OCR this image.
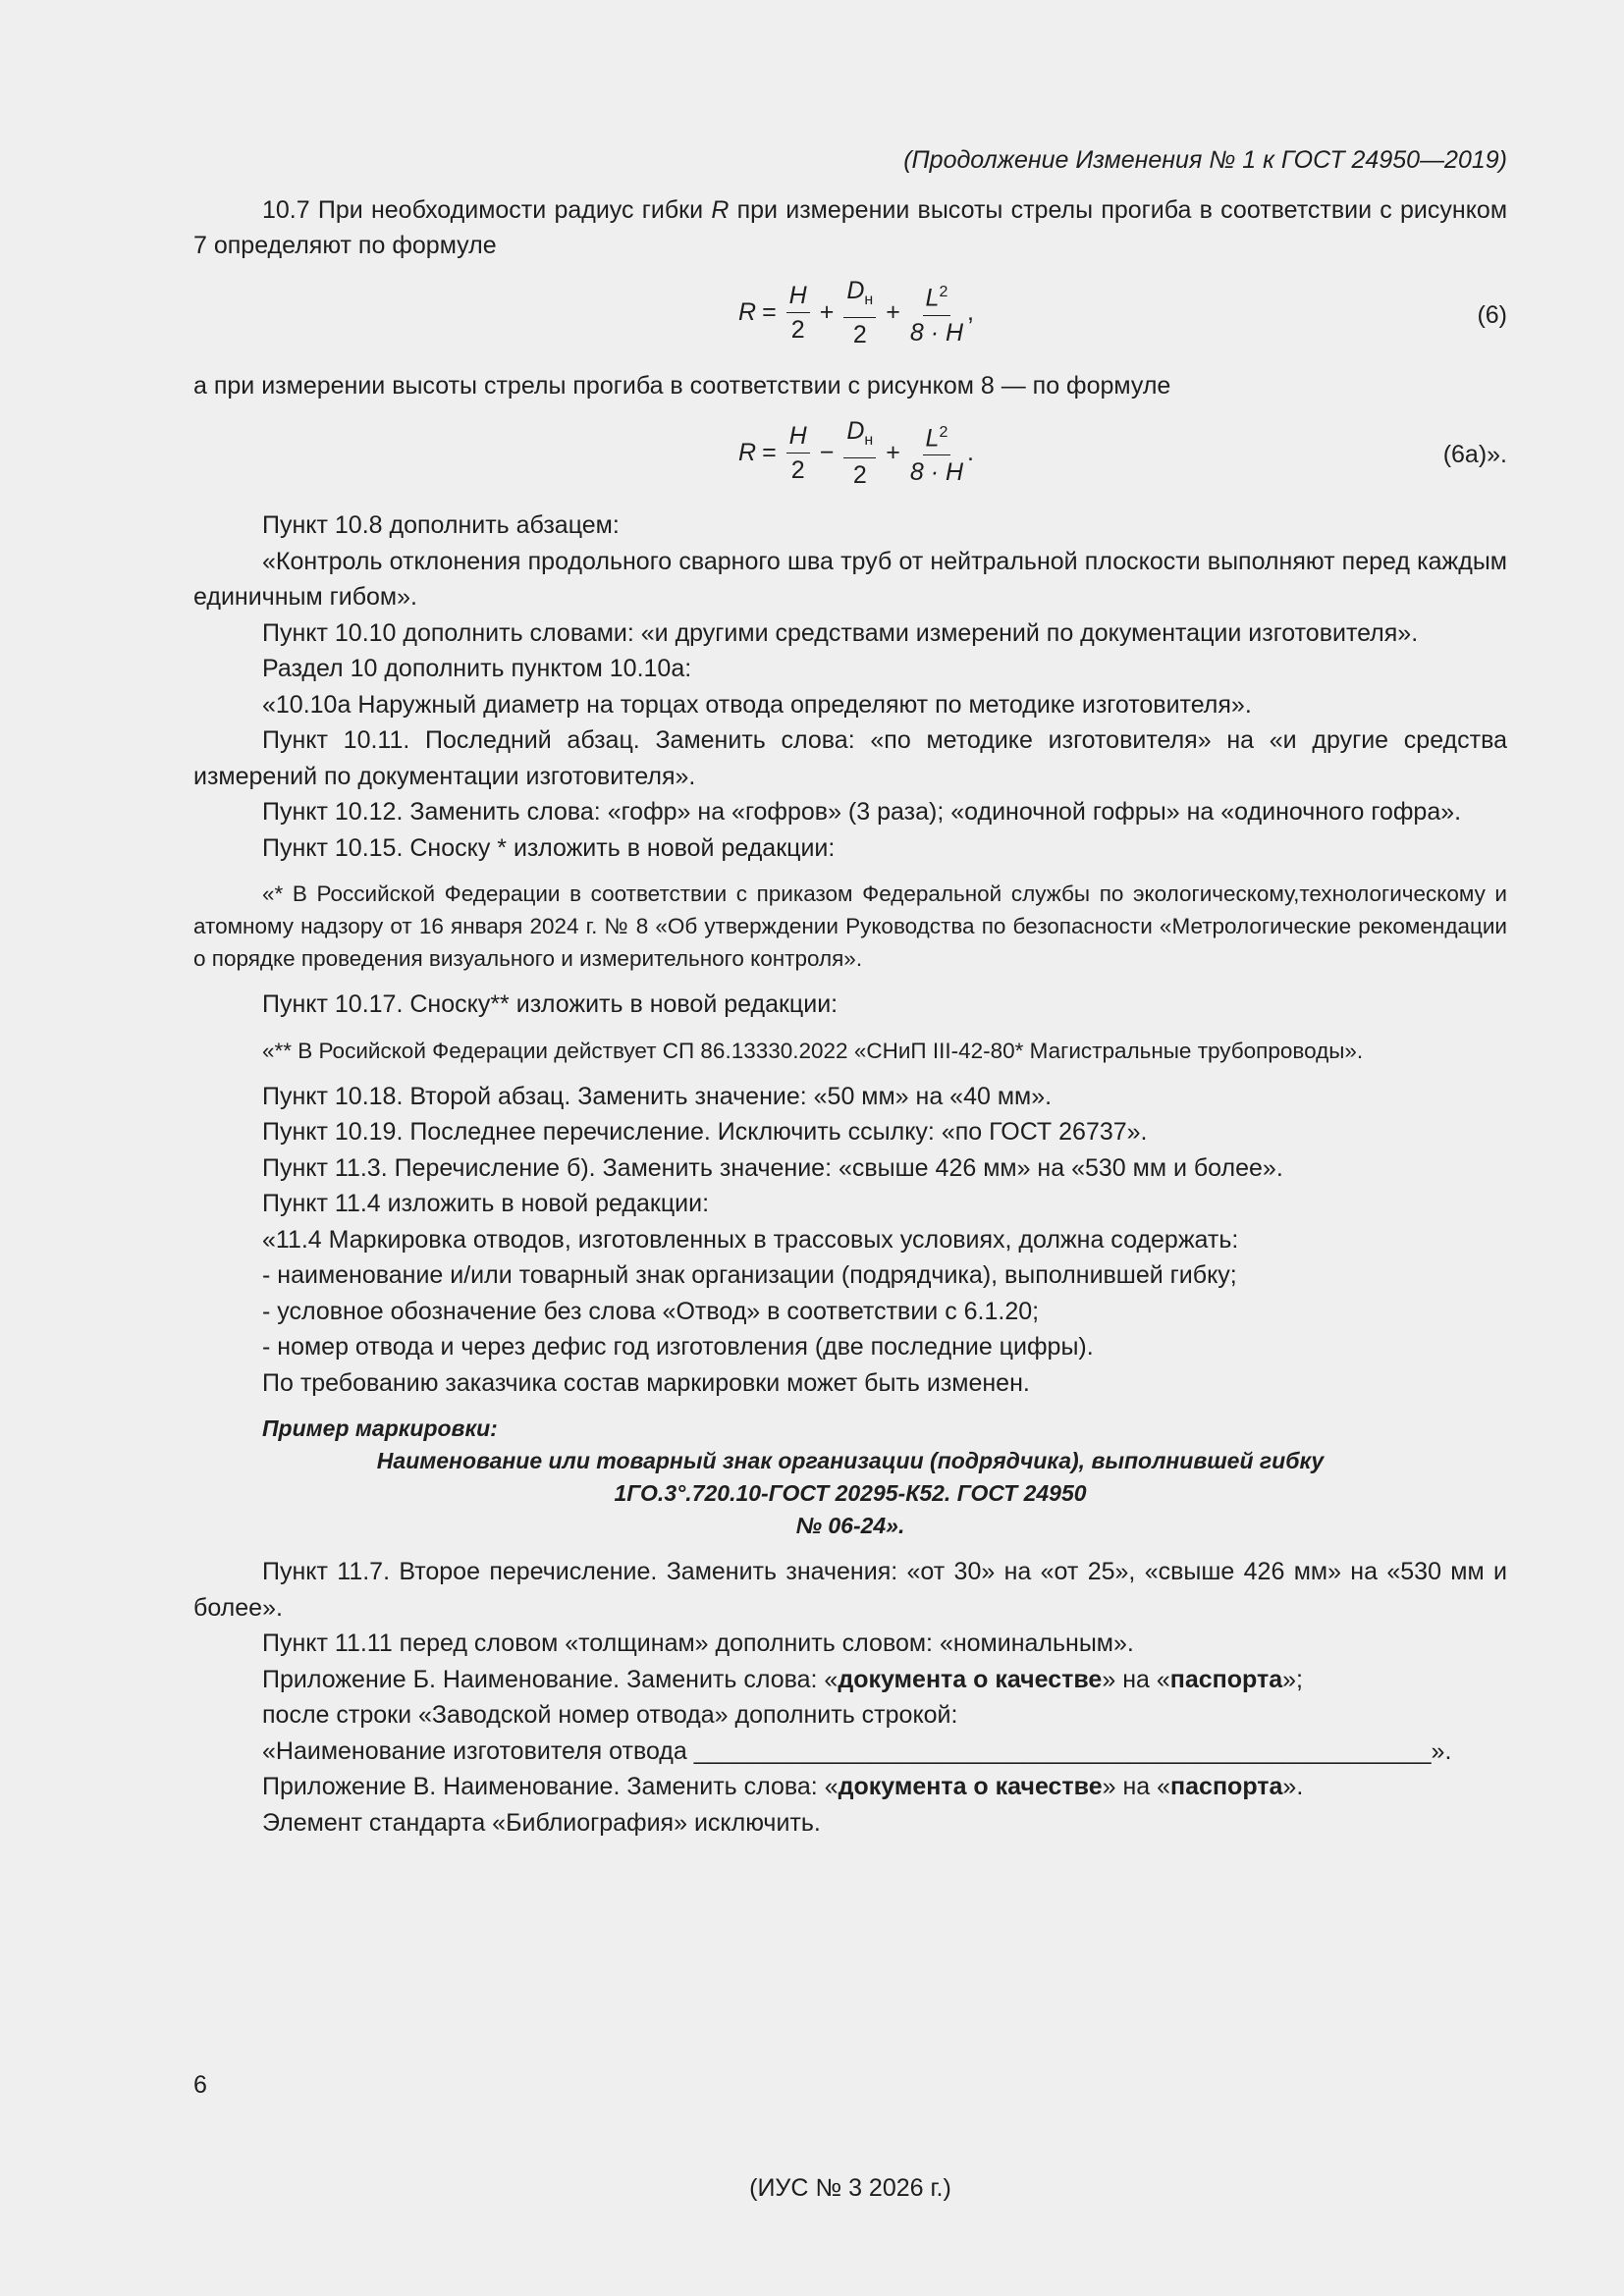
(Продолжение Изменения № 1 к ГОСТ 24950—2019)

10.7 При необходимости радиус гибки R при измерении высоты стрелы прогиба в соответствии с рисунком 7 определяют по формуле

$R = \frac{H}{2} + \frac{D_н}{2} + \frac{L^2}{8 \cdot H}$ ,	(6)

а при измерении высоты стрелы прогиба в соответствии с рисунком 8 — по формуле

$R = \frac{H}{2} - \frac{D_н}{2} + \frac{L^2}{8 \cdot H}$ .	(6а)».

Пункт 10.8 дополнить абзацем:

«Контроль отклонения продольного сварного шва труб от нейтральной плоскости выполняют перед каждым единичным гибом».

Пункт 10.10 дополнить словами: «и другими средствами измерений по документации изготовителя».

Раздел 10 дополнить пунктом 10.10а:

«10.10а Наружный диаметр на торцах отвода определяют по методике изготовителя».

Пункт 10.11. Последний абзац. Заменить слова: «по методике изготовителя» на «и другие средства измерений по документации изготовителя».

Пункт 10.12. Заменить слова: «гофр» на «гофров» (3 раза); «одиночной гофры» на «одиночного гофра».

Пункт 10.15. Сноску * изложить в новой редакции:

«* В Российской Федерации в соответствии с приказом Федеральной службы по экологическому,технологическому и атомному надзору от 16 января 2024 г. № 8 «Об утверждении Руководства по безопасности «Метрологические рекомендации о порядке проведения визуального и измерительного контроля».

Пункт 10.17. Сноску** изложить в новой редакции:

«** В Росийской Федерации действует СП 86.13330.2022 «СНиП III-42-80* Магистральные трубопроводы».

Пункт 10.18. Второй абзац. Заменить значение: «50 мм» на «40 мм».

Пункт 10.19. Последнее перечисление. Исключить ссылку: «по ГОСТ 26737».

Пункт 11.3. Перечисление б). Заменить значение: «свыше 426 мм» на «530 мм и более».

Пункт 11.4 изложить в новой редакции:

«11.4 Маркировка отводов, изготовленных в трассовых условиях, должна содержать:

- наименование и/или товарный знак организации (подрядчика), выполнившей гибку;

- условное обозначение без слова «Отвод» в соответствии с 6.1.20;

- номер отвода и через дефис год изготовления (две последние цифры).

По требованию заказчика состав маркировки может быть изменен.

Пример маркировки:
Наименование или товарный знак организации (подрядчика), выполнившей гибку
1ГО.3°.720.10-ГОСТ 20295-К52. ГОСТ 24950
№ 06-24».

Пункт 11.7. Второе перечисление. Заменить значения: «от 30» на «от 25», «свыше 426 мм» на «530 мм и более».

Пункт 11.11 перед словом «толщинам» дополнить словом: «номинальным».

Приложение Б. Наименование. Заменить слова: «документа о качестве» на «паспорта»;

после строки «Заводской номер отвода» дополнить строкой:

«Наименование изготовителя отвода ______________________________________________________».

Приложение В. Наименование. Заменить слова: «документа о качестве» на «паспорта».

Элемент стандарта «Библиография» исключить.

(ИУС № 3 2026 г.)
6
